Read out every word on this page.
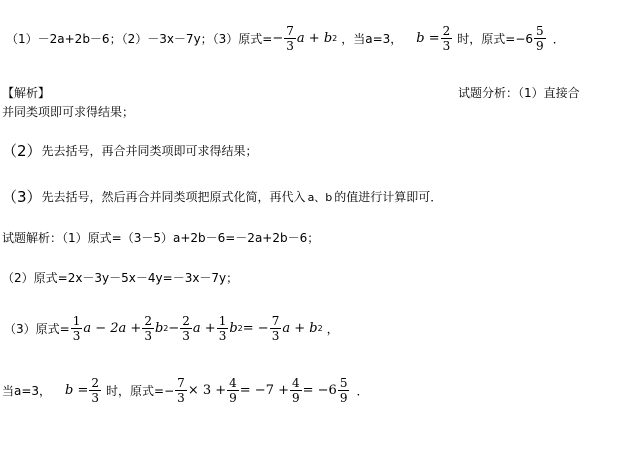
（1）－2a+2b－6；（2）－3x－7y；（3）原式= − $\frac{7}{3}$ a + b 2 ，当a=3， $b = \frac{2}{3}$ 时，原式$=-6 \frac{5}{9}$ ．
【解析】	试题分析：（1）直接合
并同类项即可求得结果；
（2） 先去括号，再合并同类项即可求得结果；
（3） 先去括号，然后再合并同类项把原式化简，再代入 a、b 的值进行计算即可．
试题解析：（1）原式=（3－5）a+2b－6=－2a+2b－6；
（2）原式=2x－3y－5x－4y=－3x－7y；
（3）原式= $\frac{1}{3}$ $a - 2a + \frac{2}{3}$ b $2 - \frac{2}{3}$ $a + \frac{1}{3}$ b 2 = − $\frac{7}{3}$ a + b 2 ，
当a=3， $b = \frac{2}{3}$ 时，原式=− $\frac{7}{3} \times 3 + \frac{4}{9} = -7 + \frac{4}{9} = -6 \frac{5}{9}$ ．
